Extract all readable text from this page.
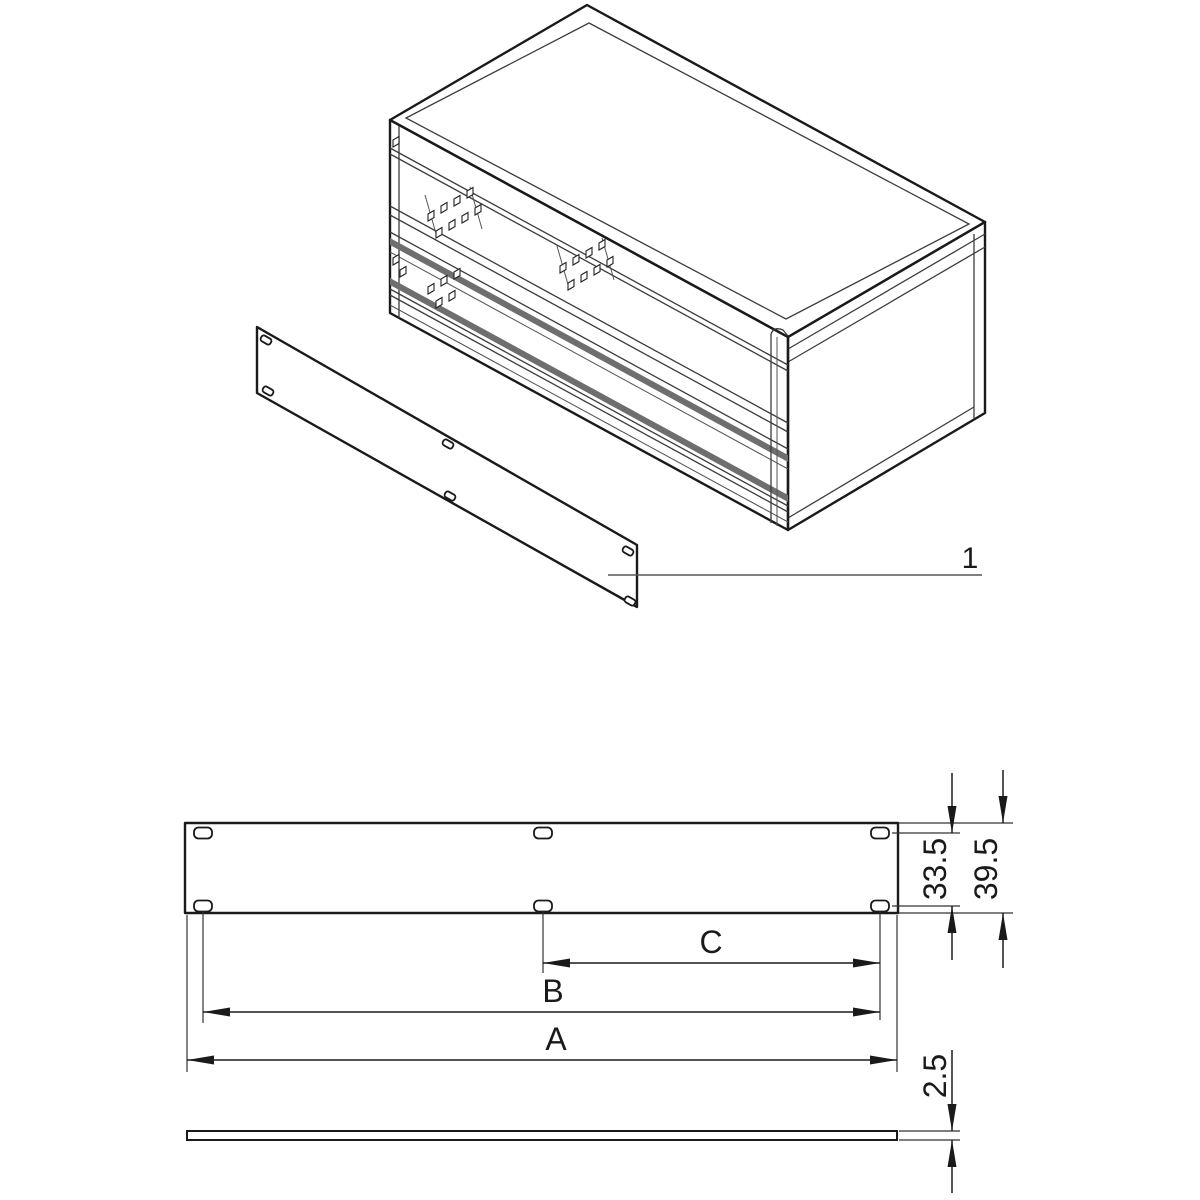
1
C
B
A
33.5 39.5
2.5
